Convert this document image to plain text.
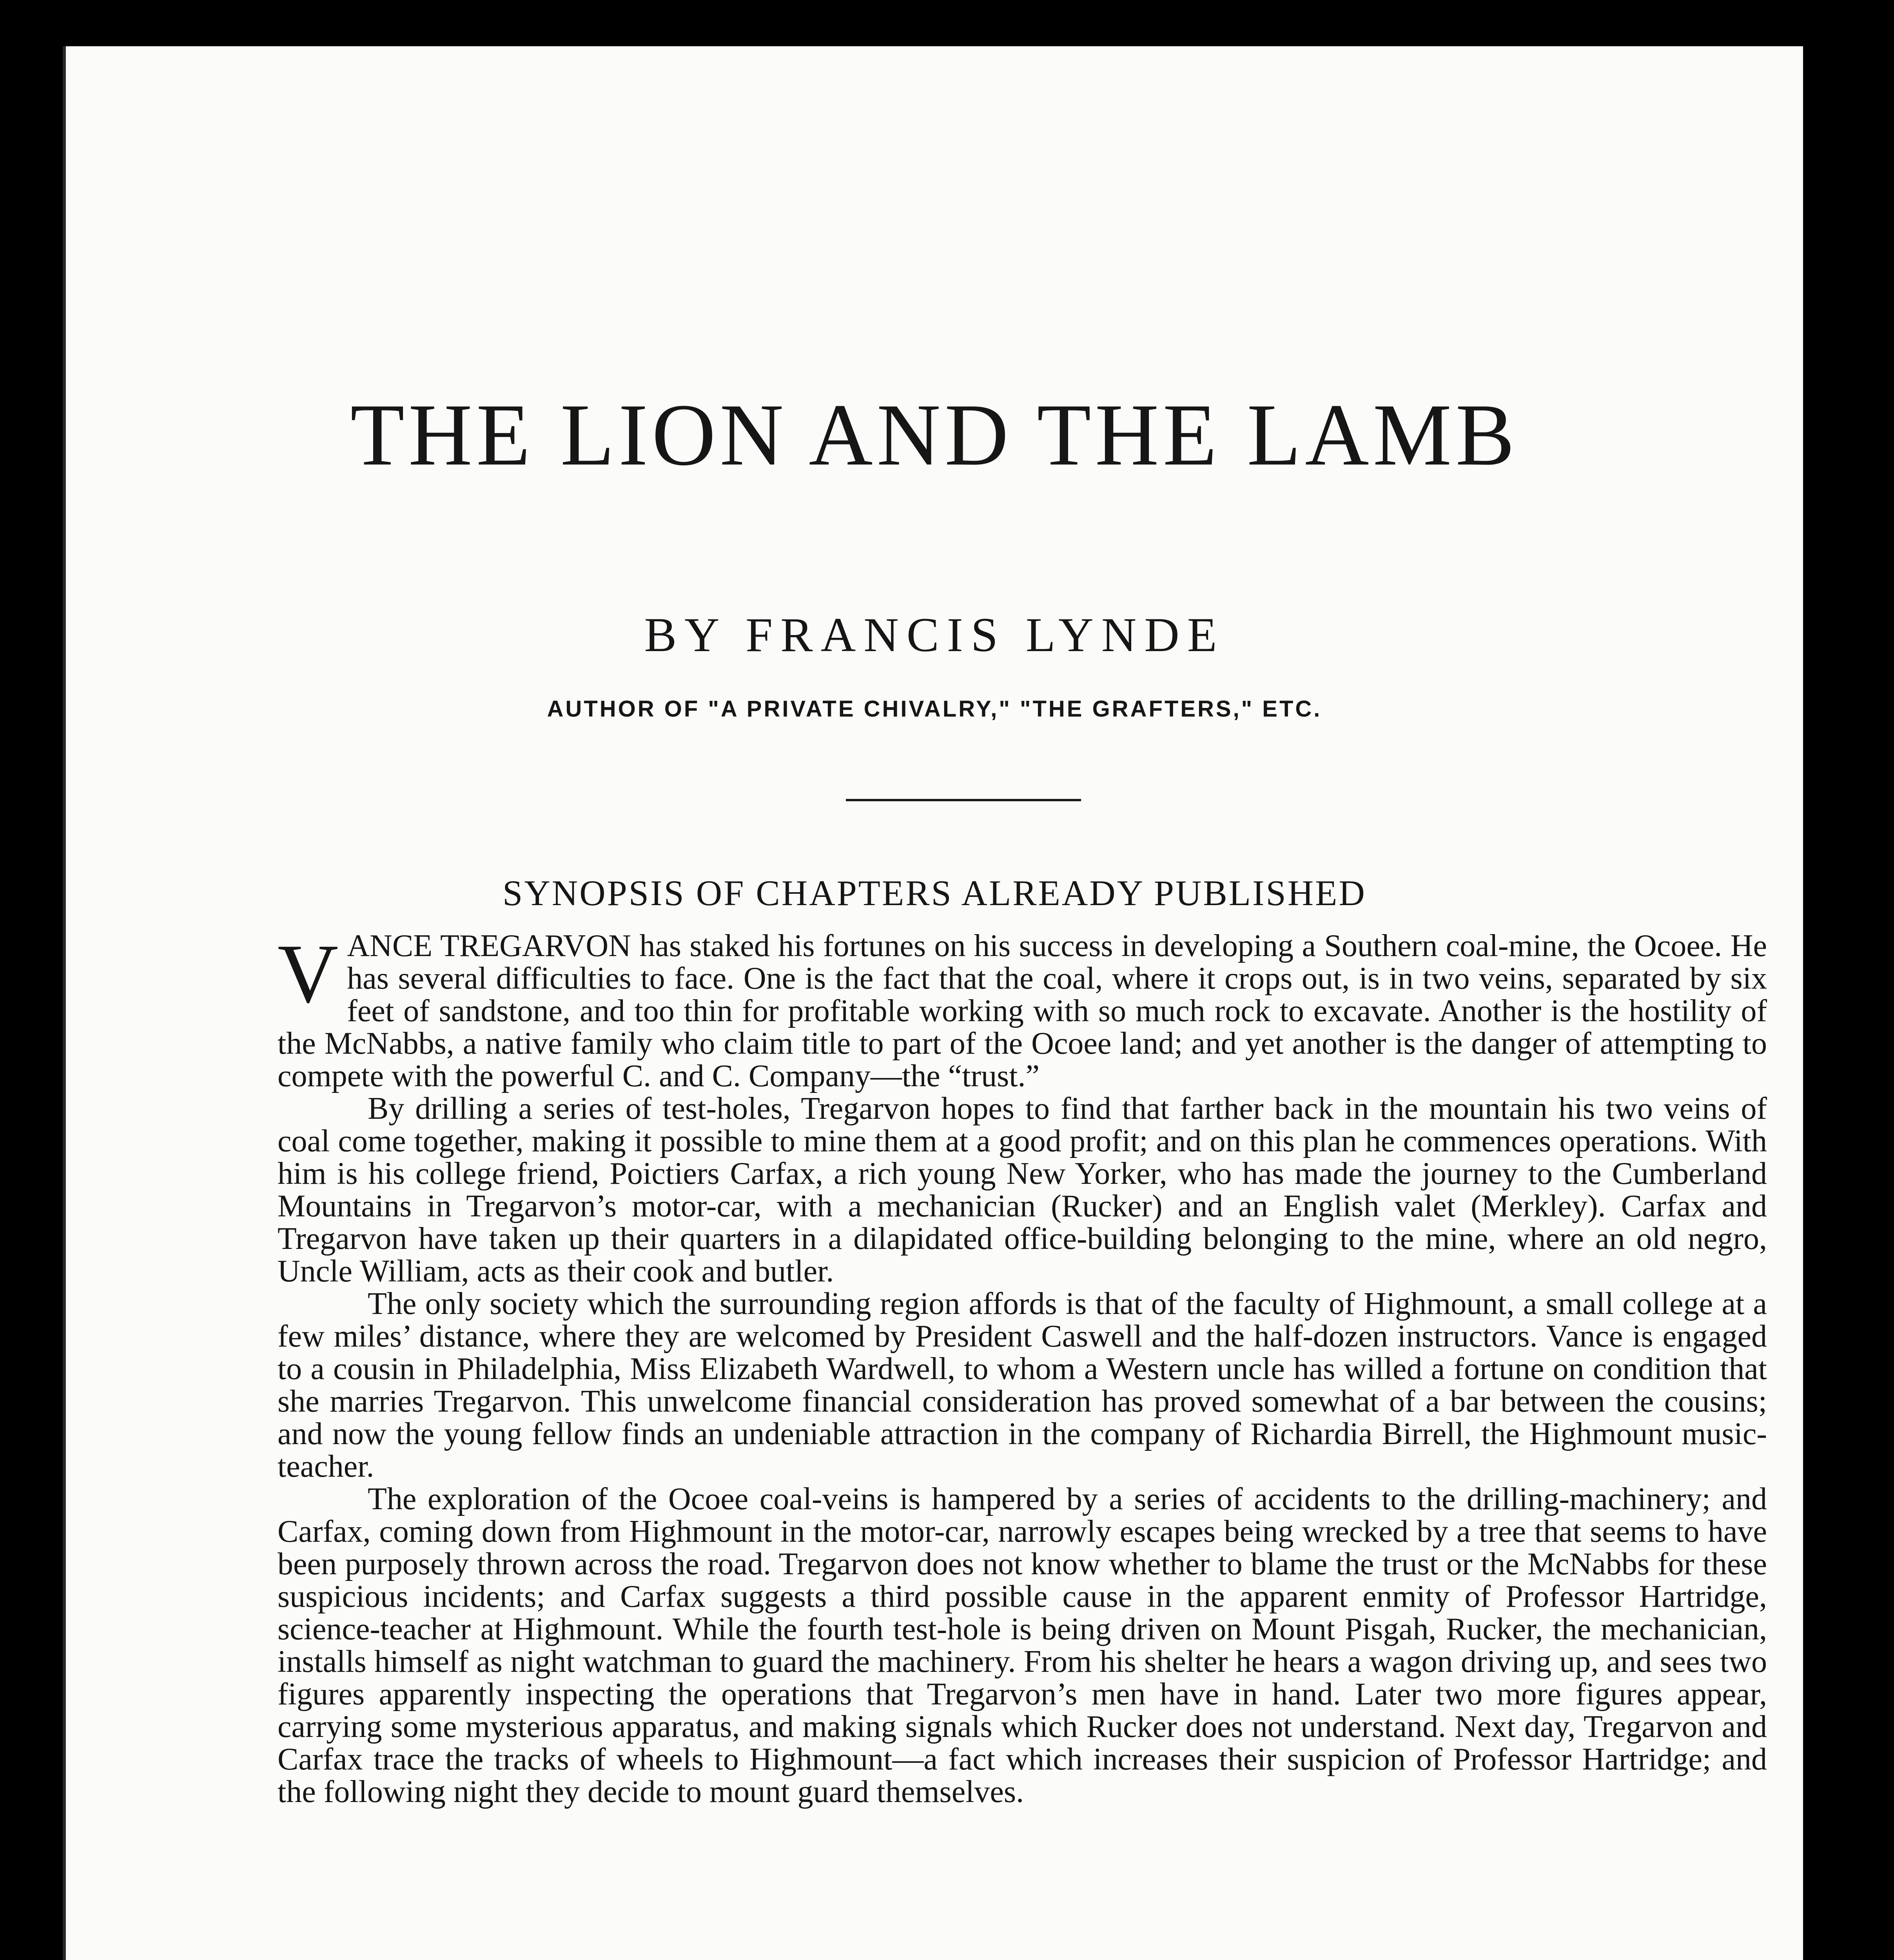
THE LION AND THE LAMB
BY FRANCIS LYNDE
AUTHOR OF "A PRIVATE CHIVALRY," "THE GRAFTERS," ETC.
SYNOPSIS OF CHAPTERS ALREADY PUBLISHED

VANCE TREGARVON has staked his fortunes on his success in developing a Southern coal-mine, the Ocoee. He has several difficulties to face. One is the fact that the coal, where it crops out, is in two veins, separated by six feet of sandstone, and too thin for profitable working with so much rock to excavate. Another is the hostility of the McNabbs, a native family who claim title to part of the Ocoee land; and yet another is the danger of attempting to compete with the powerful C. and C. Company—the “trust.”

By drilling a series of test-holes, Tregarvon hopes to find that farther back in the mountain his two veins of coal come together, making it possible to mine them at a good profit; and on this plan he commences operations. With him is his college friend, Poictiers Carfax, a rich young New Yorker, who has made the journey to the Cumberland Mountains in Tregarvon’s motor-car, with a mechanician (Rucker) and an English valet (Merkley). Carfax and Tregarvon have taken up their quarters in a dilapidated office-building belonging to the mine, where an old negro, Uncle William, acts as their cook and butler.

The only society which the surrounding region affords is that of the faculty of Highmount, a small college at a few miles’ distance, where they are welcomed by President Caswell and the half-dozen instructors. Vance is engaged to a cousin in Philadelphia, Miss Elizabeth Wardwell, to whom a Western uncle has willed a fortune on condition that she marries Tregarvon. This unwelcome financial consideration has proved somewhat of a bar between the cousins; and now the young fellow finds an undeniable attraction in the company of Richardia Birrell, the Highmount music-teacher.

The exploration of the Ocoee coal-veins is hampered by a series of accidents to the drilling-machinery; and Carfax, coming down from Highmount in the motor-car, narrowly escapes being wrecked by a tree that seems to have been purposely thrown across the road. Tregarvon does not know whether to blame the trust or the McNabbs for these suspicious incidents; and Carfax suggests a third possible cause in the apparent enmity of Professor Hartridge, science-teacher at Highmount. While the fourth test-hole is being driven on Mount Pisgah, Rucker, the mechanician, installs himself as night watchman to guard the machinery. From his shelter he hears a wagon driving up, and sees two figures apparently inspecting the operations that Tregarvon’s men have in hand. Later two more figures appear, carrying some mysterious apparatus, and making signals which Rucker does not understand. Next day, Tregarvon and Carfax trace the tracks of wheels to Highmount—a fact which increases their suspicion of Professor Hartridge; and the following night they decide to mount guard themselves.
